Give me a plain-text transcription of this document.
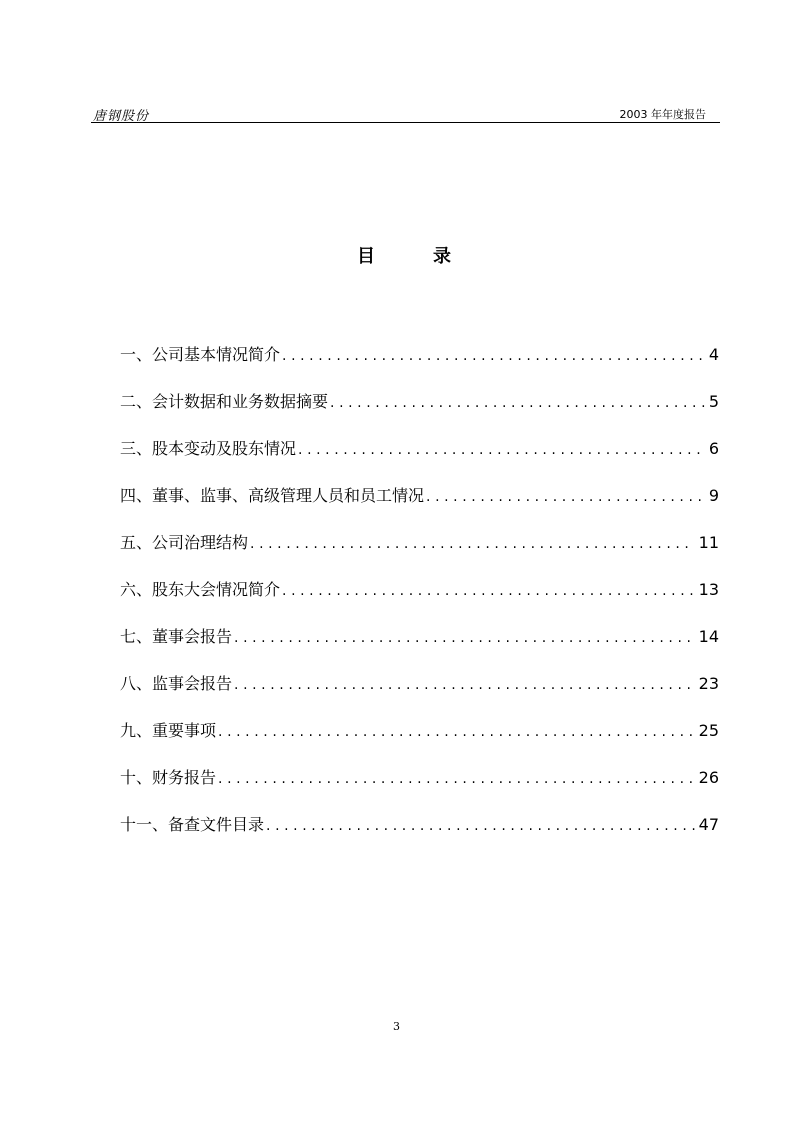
唐钢股份	2003 年年度报告
目	录
一、公司基本情况简介 .....	4
二、会计数据和业务数据摘要 .....	5
三、股本变动及股东情况 .....	6
四、董事、监事、高级管理人员和员工情况 .....	9
五、公司治理结构 .....	11
六、股东大会情况简介 .....	13
七、董事会报告 .....	14
八、监事会报告 .....	23
九、重要事项 .....	25
十、财务报告 .....	26
十一、备查文件目录 .....	47
3
